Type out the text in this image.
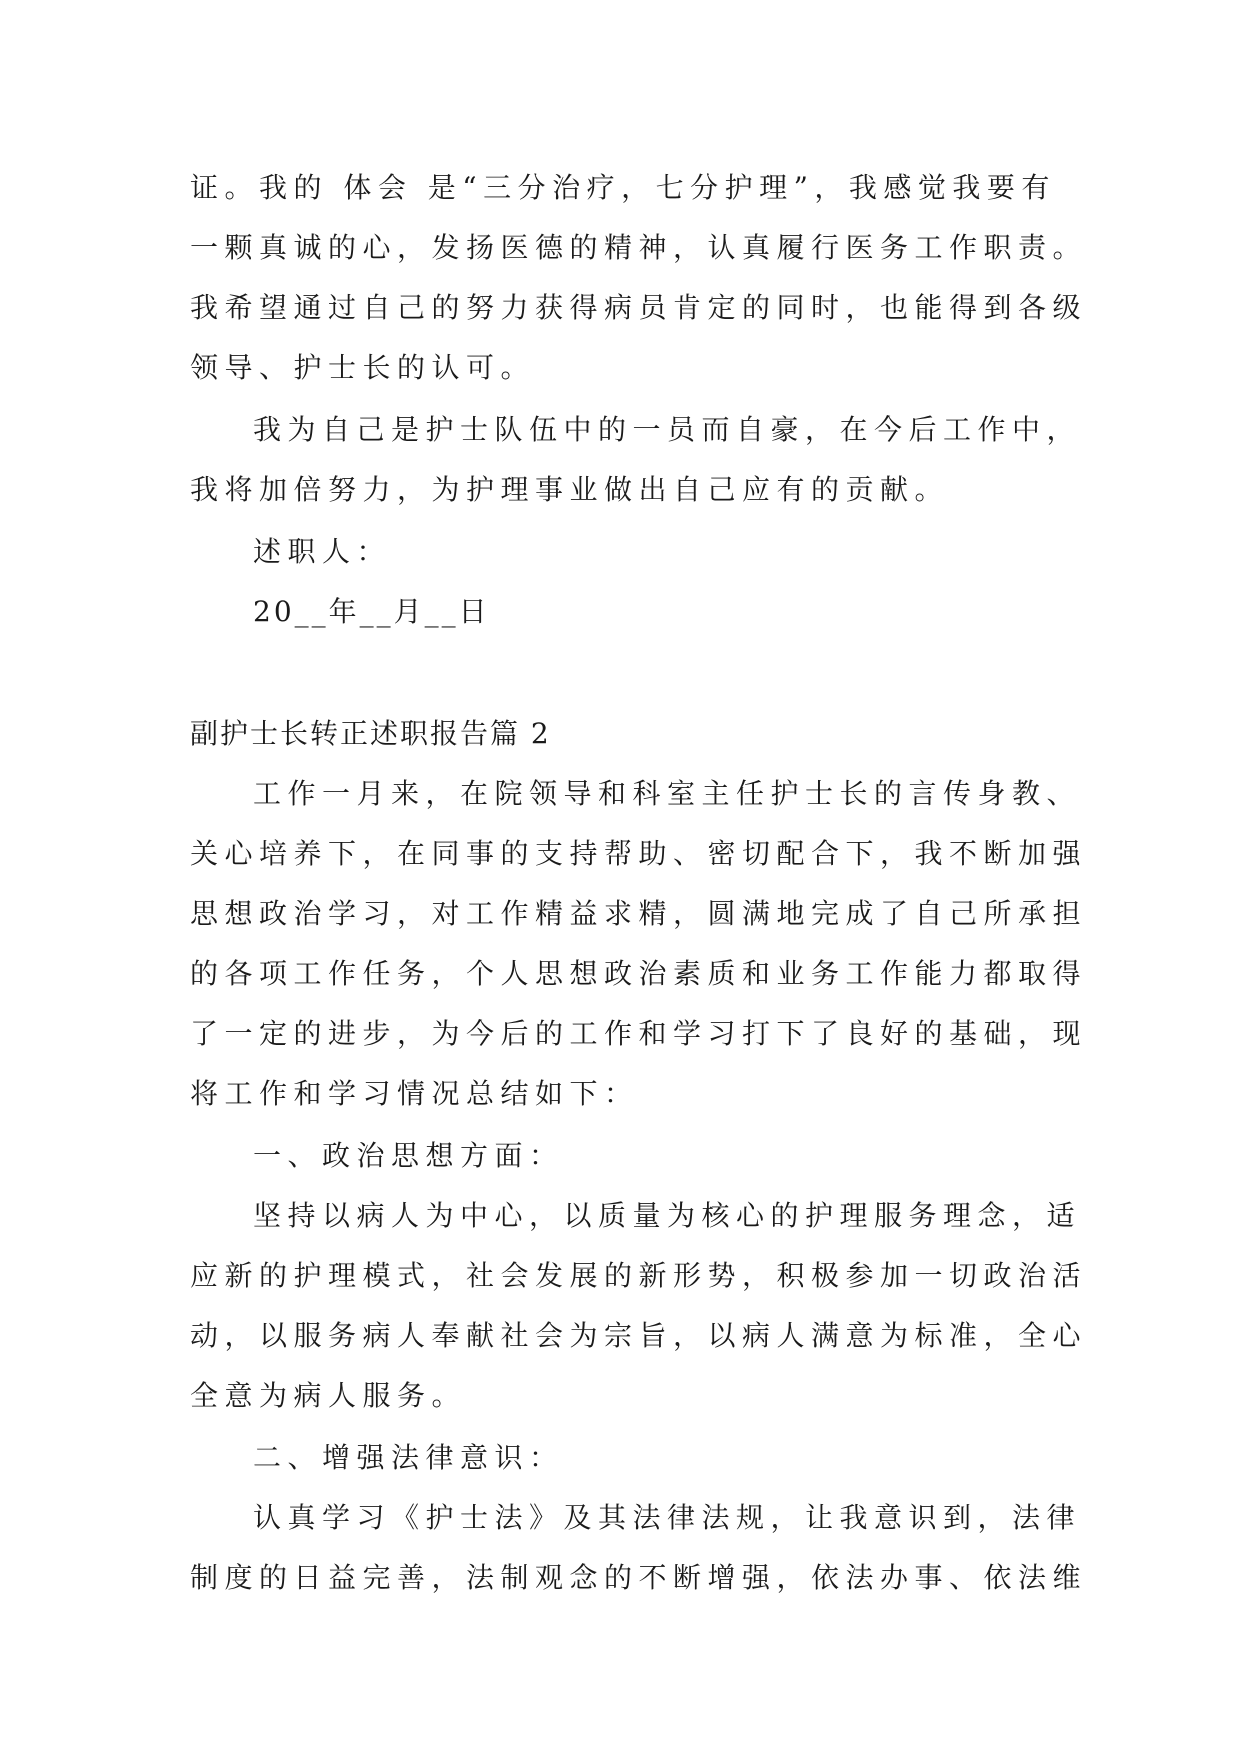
证。我的 体会 是“三分治疗，七分护理”，我感觉我要有
一颗真诚的心，发扬医德的精神，认真履行医务工作职责。
我希望通过自己的努力获得病员肯定的同时，也能得到各级
领导、护士长的认可。
我为自己是护士队伍中的一员而自豪，在今后工作中，
我将加倍努力，为护理事业做出自己应有的贡献。
述职人：
20__年__月__日
副护士长转正述职报告篇 2
工作一月来，在院领导和科室主任护士长的言传身教、
关心培养下，在同事的支持帮助、密切配合下，我不断加强
思想政治学习，对工作精益求精，圆满地完成了自己所承担
的各项工作任务，个人思想政治素质和业务工作能力都取得
了一定的进步，为今后的工作和学习打下了良好的基础，现
将工作和学习情况总结如下：
一、政治思想方面：
坚持以病人为中心，以质量为核心的护理服务理念，适
应新的护理模式，社会发展的新形势，积极参加一切政治活
动，以服务病人奉献社会为宗旨，以病人满意为标准，全心
全意为病人服务。
二、增强法律意识：
认真学习《护士法》及其法律法规，让我意识到，法律
制度的日益完善，法制观念的不断增强，依法办事、依法维
